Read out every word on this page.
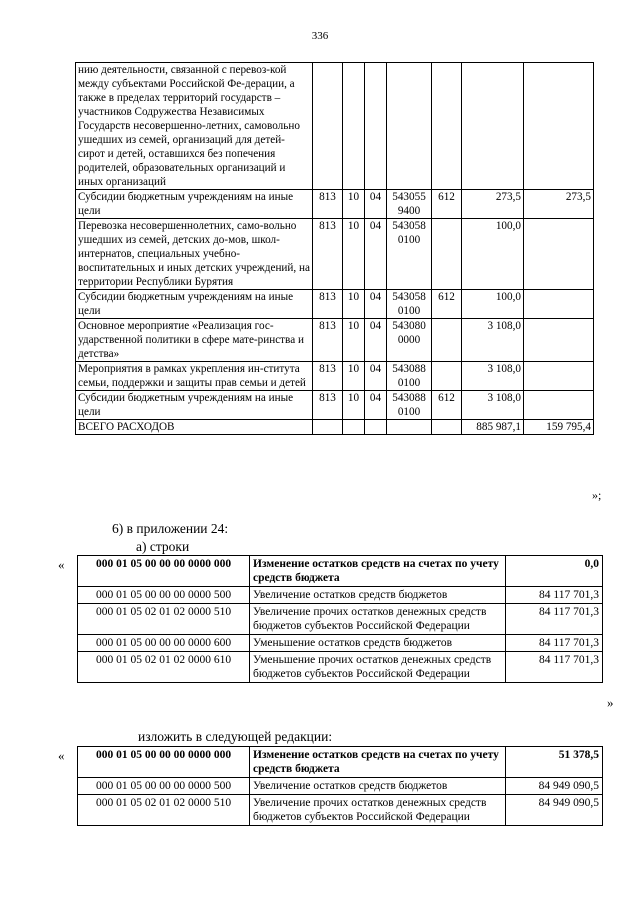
336
нию деятельности, связанной с перевоз-кой между субъектами Российской Фе-дерации, а также в пределах территорий государств – участников Содружества Независимых Государств несовершенно-летних, самовольно ушедших из семей, организаций для детей-сирот и детей, оставшихся без попечения родителей, образовательных организаций и иных организаций							
Субсидии бюджетным учреждениям на иные цели	813	10	04	543055 9400	612	273,5	273,5
Перевозка несовершеннолетних, само-вольно ушедших из семей, детских до-мов, школ-интернатов, специальных учебно-воспитательных и иных детских учреждений, на территории Республики Бурятия	813	10	04	543058 0100		100,0	
Субсидии бюджетным учреждениям на иные цели	813	10	04	543058 0100	612	100,0	
Основное мероприятие «Реализация гос-ударственной политики в сфере мате-ринства и детства»	813	10	04	543080 0000		3 108,0	
Мероприятия в рамках укрепления ин-ститута семьи, поддержки и защиты прав семьи и детей	813	10	04	543088 0100		3 108,0	
Субсидии бюджетным учреждениям на иные цели	813	10	04	543088 0100	612	3 108,0	
ВСЕГО РАСХОДОВ						885 987,1	159 795,4
»;
6) в приложении 24:
а) строки
«	000 01 05 00 00 00 0000 000	Изменение остатков средств на счетах по учету средств бюджета	0,0
000 01 05 00 00 00 0000 500	Увеличение остатков средств бюджетов	84 117 701,3
000 01 05 02 01 02 0000 510	Увеличение прочих остатков денежных средств бюджетов субъектов Российской Федерации	84 117 701,3
000 01 05 00 00 00 0000 600	Уменьшение остатков средств бюджетов	84 117 701,3
000 01 05 02 01 02 0000 610	Уменьшение прочих остатков денежных средств бюджетов субъектов Российской Федерации	84 117 701,3
»
изложить в следующей редакции:
«	000 01 05 00 00 00 0000 000	Изменение остатков средств на счетах по учету средств бюджета	51 378,5
000 01 05 00 00 00 0000 500	Увеличение остатков средств бюджетов	84 949 090,5
000 01 05 02 01 02 0000 510	Увеличение прочих остатков денежных средств бюджетов субъектов Российской Федерации	84 949 090,5
